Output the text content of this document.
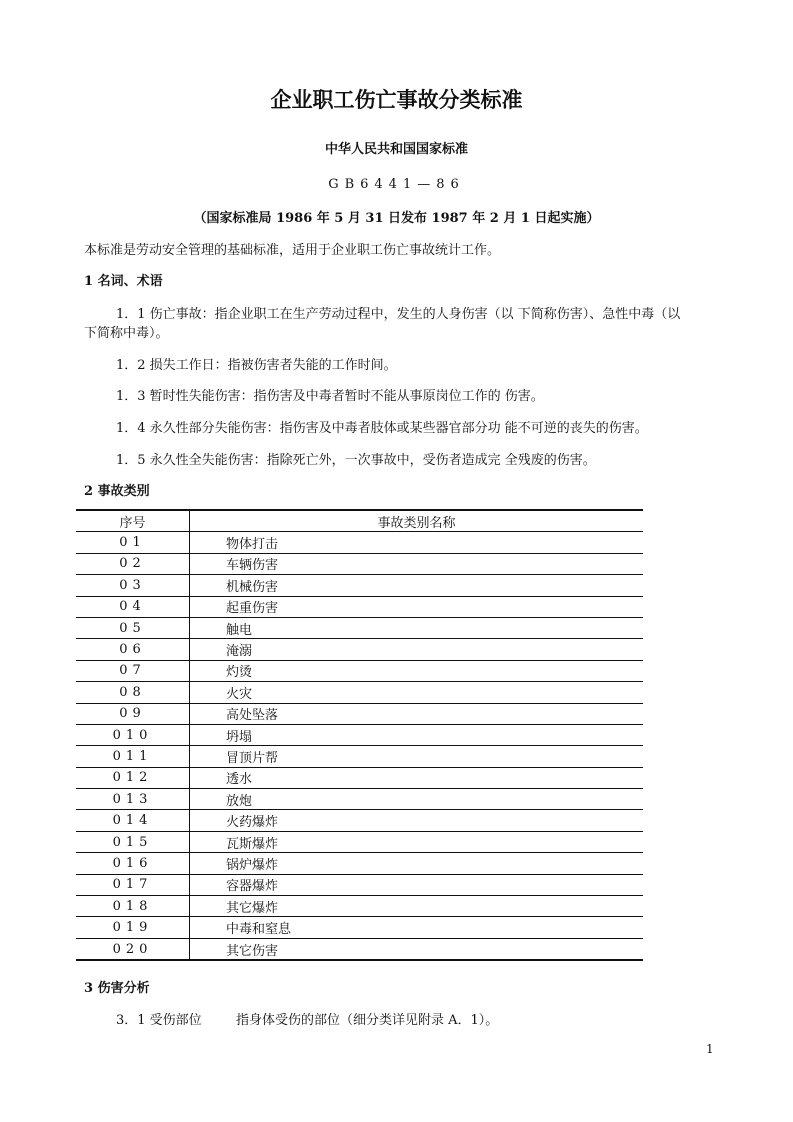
企业职工伤亡事故分类标准
中华人民共和国国家标准
GB6441—86
（国家标准局 1986 年 5 月 31 日发布 1987 年 2 月 1 日起实施）
本标准是劳动安全管理的基础标准，适用于企业职工伤亡事故统计工作。
1 名词、术语
1．1 伤亡事故：指企业职工在生产劳动过程中，发生的人身伤害（以 下简称伤害）、急性中毒（以
下简称中毒）。
1．2 损失工作日：指被伤害者失能的工作时间。
1．3 暂时性失能伤害：指伤害及中毒者暂时不能从事原岗位工作的 伤害。
1．4 永久性部分失能伤害：指伤害及中毒者肢体或某些器官部分功 能不可逆的丧失的伤害。
1．5 永久性全失能伤害：指除死亡外，一次事故中，受伤者造成完 全残废的伤害。
2 事故类别
序号	事故类别名称
01	物体打击
02	车辆伤害
03	机械伤害
04	起重伤害
05	触电
06	淹溺
07	灼烫
08	火灾
09	高处坠落
010	坍塌
011	冒顶片帮
012	透水
013	放炮
014	火药爆炸
015	瓦斯爆炸
016	锅炉爆炸
017	容器爆炸
018	其它爆炸
019	中毒和窒息
020	其它伤害
3 伤害分析
3．1 受伤部位	指身体受伤的部位（细分类详见附录 A．1）。
1
